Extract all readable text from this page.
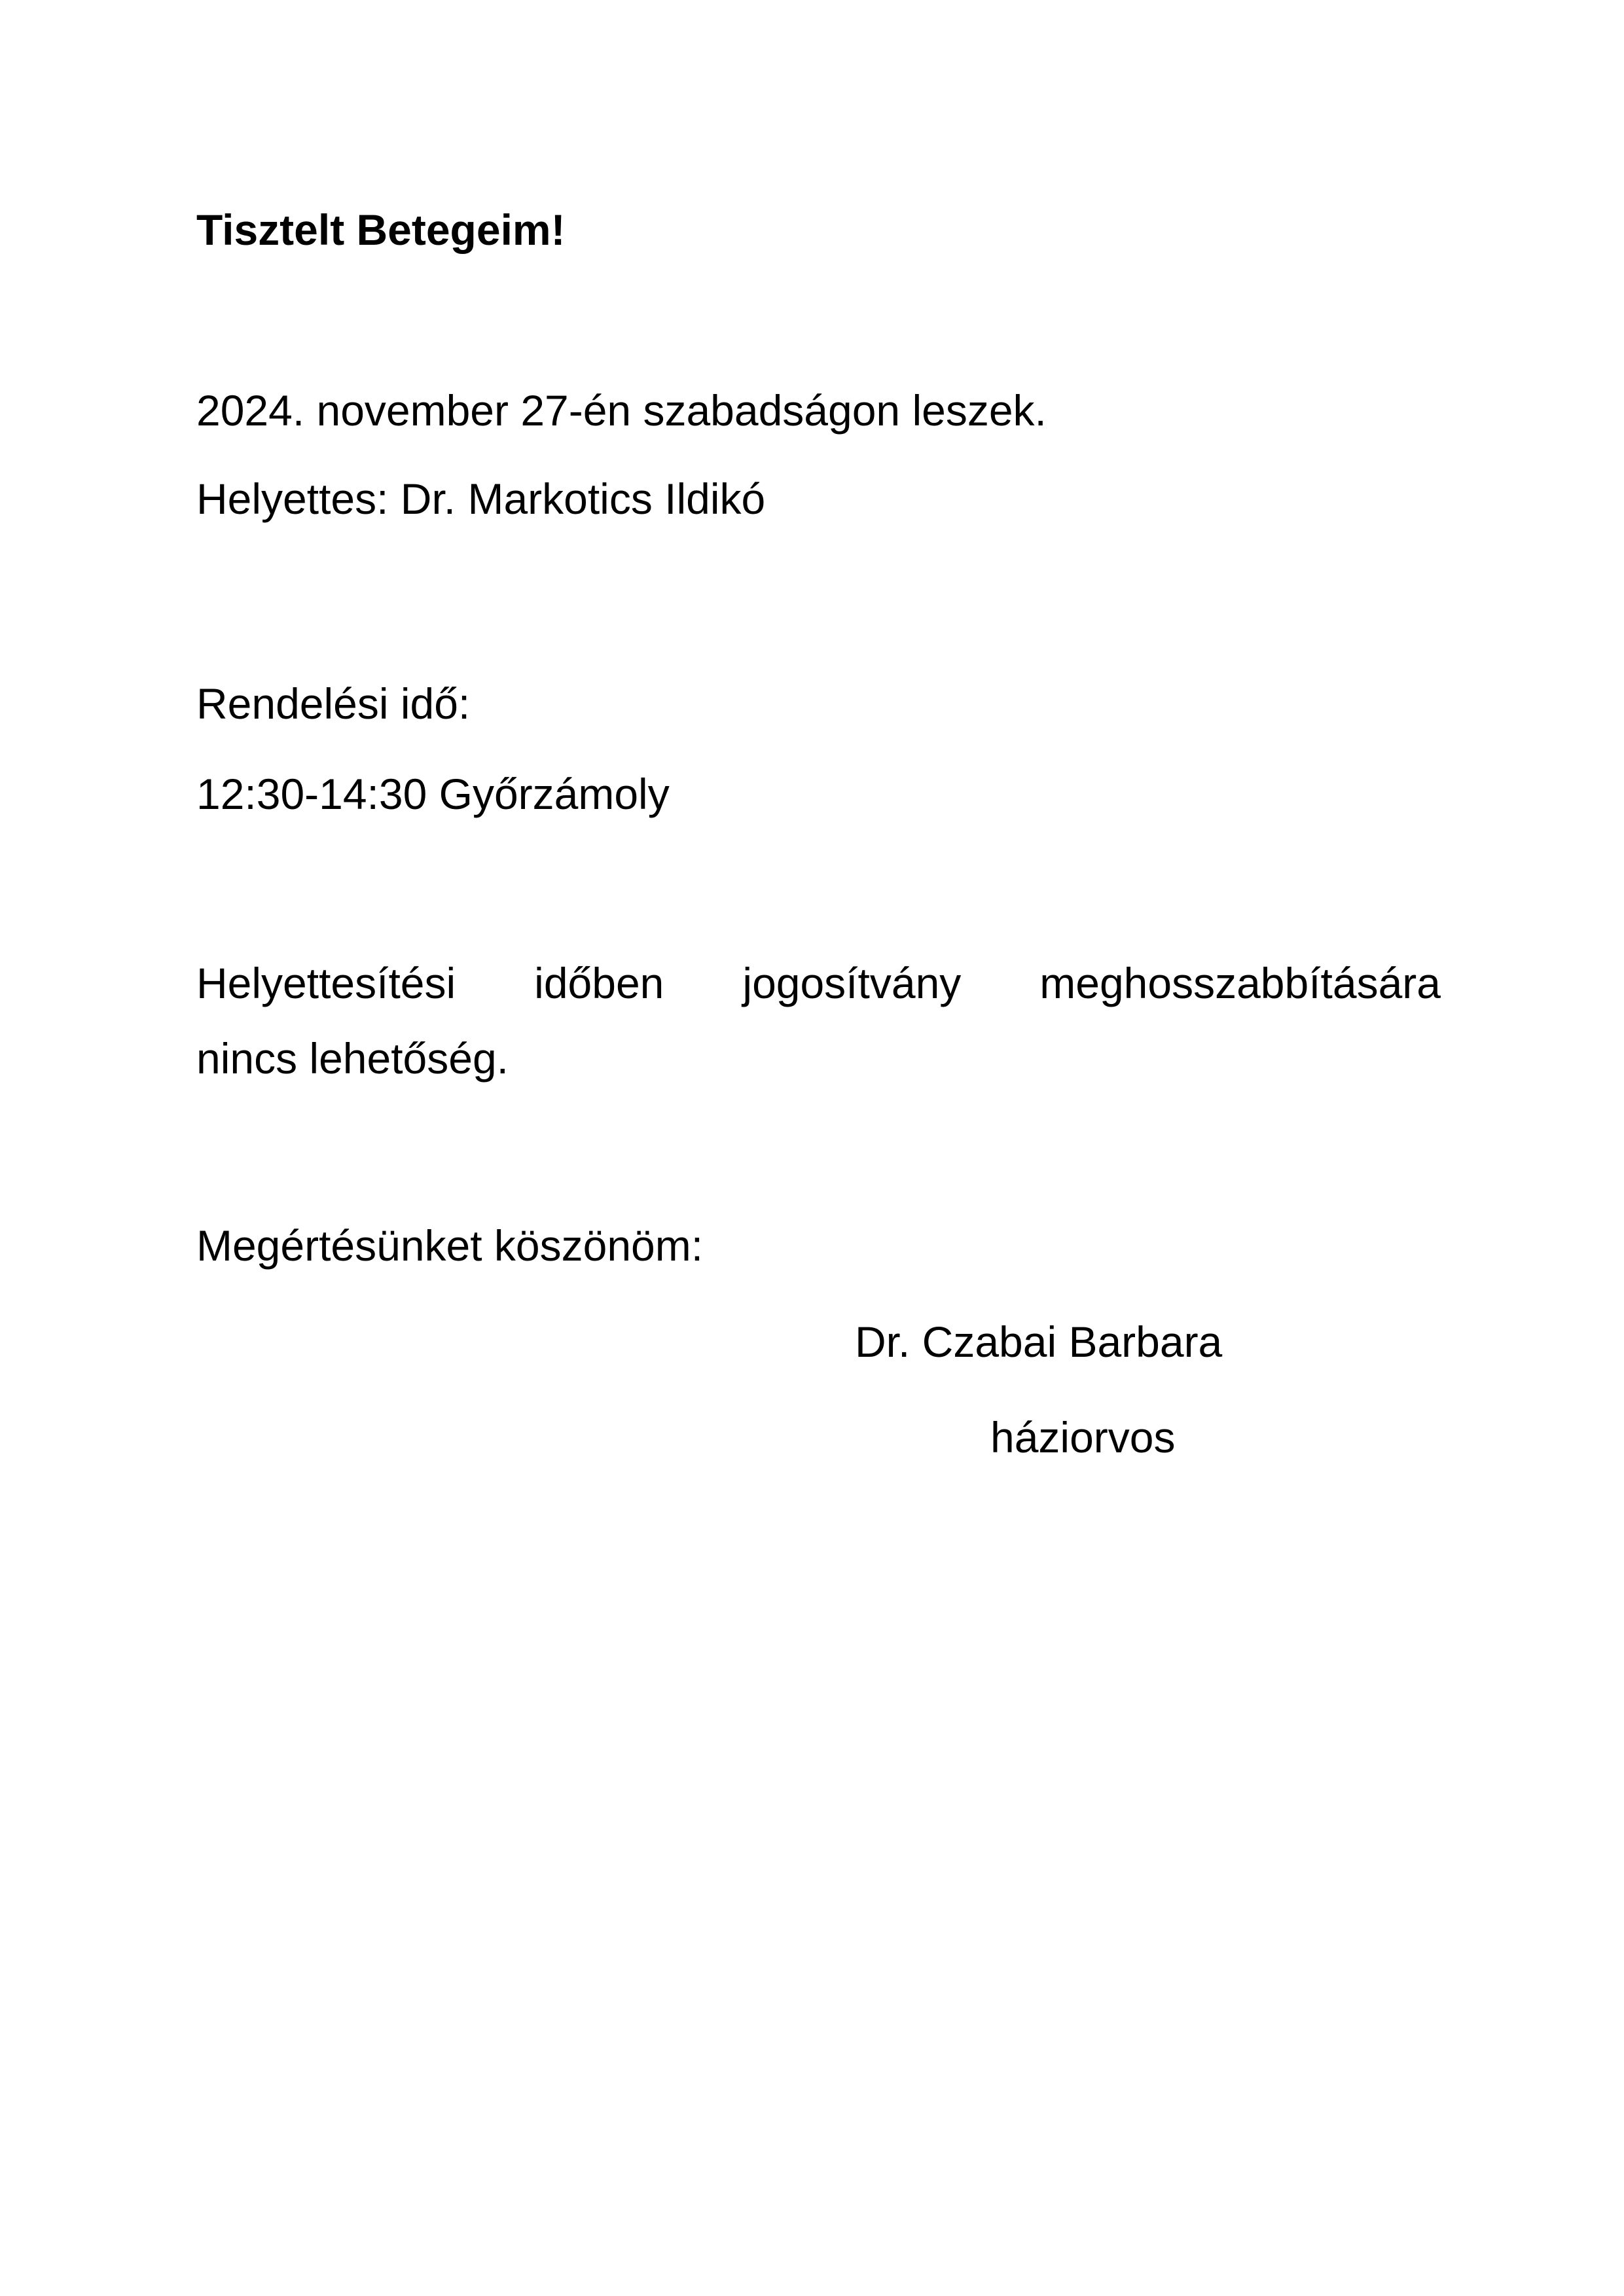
Tisztelt Betegeim!
2024. november 27-én szabadságon leszek.
Helyettes: Dr. Markotics Ildikó
Rendelési idő:
12:30-14:30 Győrzámoly
Helyettesítési időben jogosítvány meghosszabbítására
nincs lehetőség.
Megértésünket köszönöm:
Dr. Czabai Barbara
háziorvos
